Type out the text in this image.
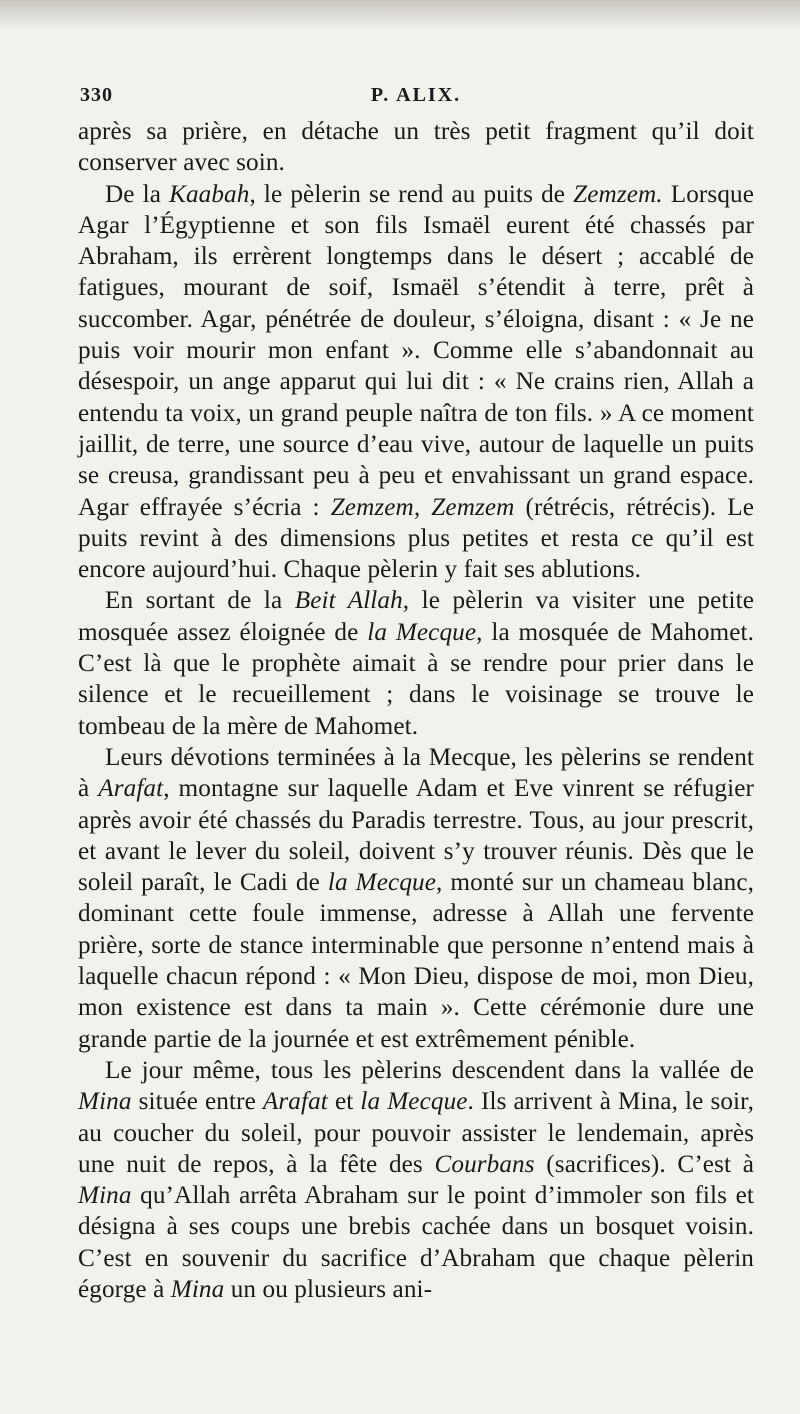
330	P. ALIX.

après sa prière, en détache un très petit fragment qu’il doit conserver avec soin.

De la Kaabah, le pèlerin se rend au puits de Zemzem. Lorsque Agar l’Égyptienne et son fils Ismaël eurent été chassés par Abraham, ils errèrent longtemps dans le désert ; accablé de fatigues, mourant de soif, Ismaël s’étendit à terre, prêt à succomber. Agar, pénétrée de douleur, s’éloigna, disant : « Je ne puis voir mourir mon enfant ». Comme elle s’abandonnait au désespoir, un ange apparut qui lui dit : « Ne crains rien, Allah a entendu ta voix, un grand peuple naîtra de ton fils. » A ce moment jaillit, de terre, une source d’eau vive, autour de laquelle un puits se creusa, grandissant peu à peu et envahissant un grand espace. Agar effrayée s’écria : Zemzem, Zemzem (rétrécis, rétrécis). Le puits revint à des dimensions plus petites et resta ce qu’il est encore aujourd’hui. Chaque pèlerin y fait ses ablutions.

En sortant de la Beit Allah, le pèlerin va visiter une petite mosquée assez éloignée de la Mecque, la mosquée de Mahomet. C’est là que le prophète aimait à se rendre pour prier dans le silence et le recueillement ; dans le voisinage se trouve le tombeau de la mère de Mahomet.

Leurs dévotions terminées à la Mecque, les pèlerins se rendent à Arafat, montagne sur laquelle Adam et Eve vinrent se réfugier après avoir été chassés du Paradis terrestre. Tous, au jour prescrit, et avant le lever du soleil, doivent s’y trouver réunis. Dès que le soleil paraît, le Cadi de la Mecque, monté sur un chameau blanc, dominant cette foule immense, adresse à Allah une fervente prière, sorte de stance interminable que personne n’entend mais à laquelle chacun répond : « Mon Dieu, dispose de moi, mon Dieu, mon existence est dans ta main ». Cette cérémonie dure une grande partie de la journée et est extrêmement pénible.

Le jour même, tous les pèlerins descendent dans la vallée de Mina située entre Arafat et la Mecque. Ils arrivent à Mina, le soir, au coucher du soleil, pour pouvoir assister le lendemain, après une nuit de repos, à la fête des Courbans (sacrifices). C’est à Mina qu’Allah arrêta Abraham sur le point d’immoler son fils et désigna à ses coups une brebis cachée dans un bosquet voisin. C’est en souvenir du sacrifice d’Abraham que chaque pèlerin égorge à Mina un ou plusieurs ani-
